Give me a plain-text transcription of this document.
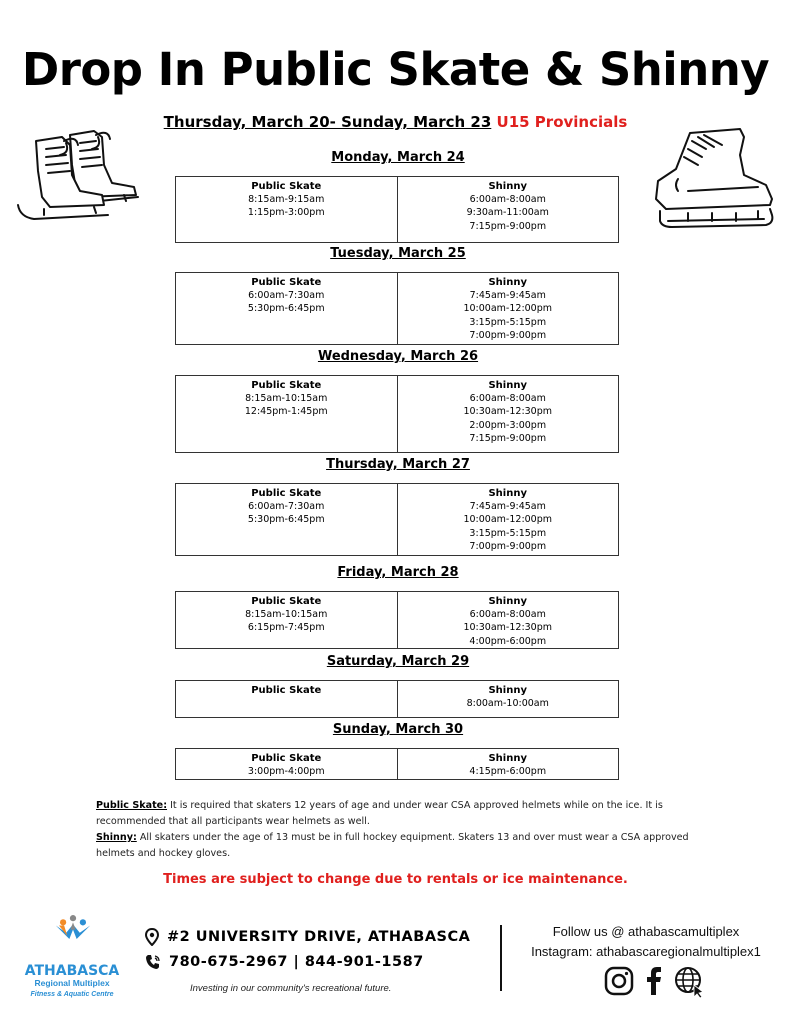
Drop In Public Skate & Shinny
Thursday, March 20- Sunday, March 23 U15 Provincials
Monday, March 24
Public Skate
8:15am-9:15am
1:15pm-3:00pm
Shinny
6:00am-8:00am
9:30am-11:00am
7:15pm-9:00pm
Tuesday, March 25
Public Skate
6:00am-7:30am
5:30pm-6:45pm
Shinny
7:45am-9:45am
10:00am-12:00pm
3:15pm-5:15pm
7:00pm-9:00pm
Wednesday, March 26
Public Skate
8:15am-10:15am
12:45pm-1:45pm
Shinny
6:00am-8:00am
10:30am-12:30pm
2:00pm-3:00pm
7:15pm-9:00pm
Thursday, March 27
Public Skate
6:00am-7:30am
5:30pm-6:45pm
Shinny
7:45am-9:45am
10:00am-12:00pm
3:15pm-5:15pm
7:00pm-9:00pm
Friday, March 28
Public Skate
8:15am-10:15am
6:15pm-7:45pm
Shinny
6:00am-8:00am
10:30am-12:30pm
4:00pm-6:00pm
Saturday, March 29
Public Skate	Shinny
8:00am-10:00am
Sunday, March 30
Public Skate
3:00pm-4:00pm
Shinny
4:15pm-6:00pm
Public Skate: It is required that skaters 12 years of age and under wear CSA approved helmets while on the ice. It is recommended that all participants wear helmets as well.
Shinny: All skaters under the age of 13 must be in full hockey equipment. Skaters 13 and over must wear a CSA approved helmets and hockey gloves.
Times are subject to change due to rentals or ice maintenance.
ATHABASCA
Regional Multiplex
Fitness & Aquatic Centre
#2 UNIVERSITY DRIVE, ATHABASCA
780-675-2967 | 844-901-1587
Investing in our community's recreational future.
Follow us @ athabascamultiplex
Instagram: athabascaregionalmultiplex1
